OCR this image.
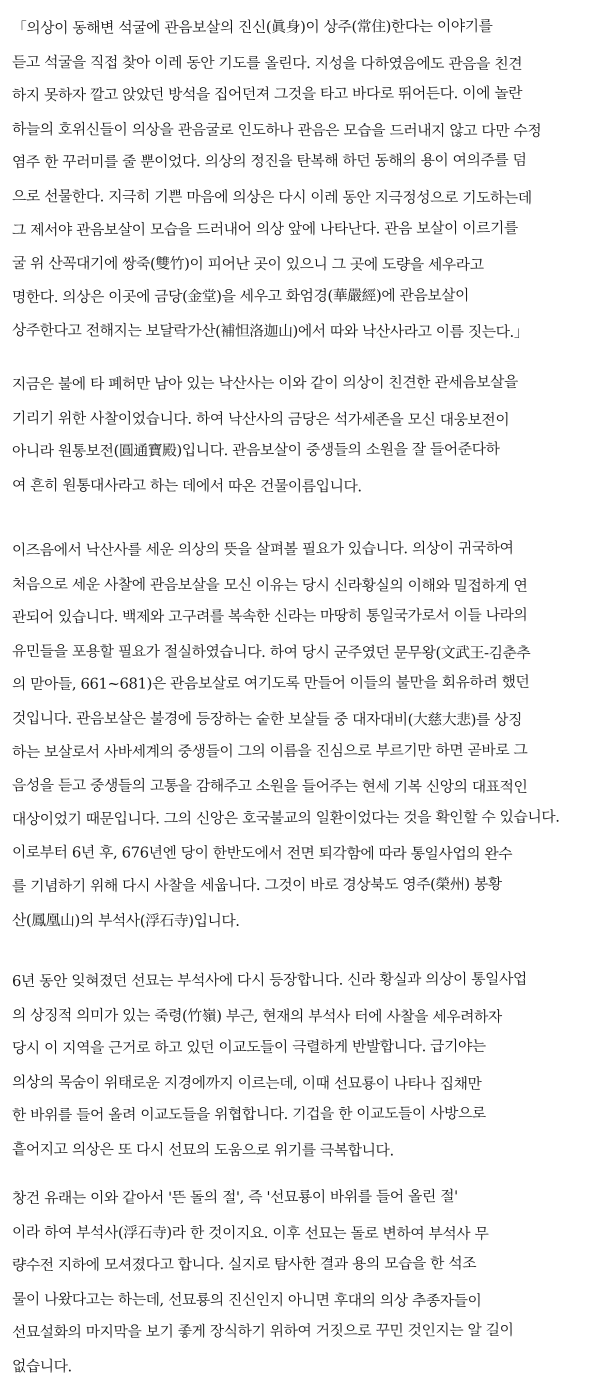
「의상이 동해변 석굴에 관음보살의 진신(眞身)이 상주(常住)한다는 이야기를
듣고 석굴을 직접 찾아 이레 동안 기도를 올린다. 지성을 다하였음에도 관음을 친견
하지 못하자 깔고 앉았던 방석을 집어던져 그것을 타고 바다로 뛰어든다. 이에 놀란
하늘의 호위신들이 의상을 관음굴로 인도하나 관음은 모습을 드러내지 않고 다만 수정
염주 한 꾸러미를 줄 뿐이었다. 의상의 정진을 탄복해 하던 동해의 용이 여의주를 덤
으로 선물한다. 지극히 기쁜 마음에 의상은 다시 이레 동안 지극정성으로 기도하는데
그 제서야 관음보살이 모습을 드러내어 의상 앞에 나타난다. 관음 보살이 이르기를
굴 위 산꼭대기에 쌍죽(雙竹)이 피어난 곳이 있으니 그 곳에 도량을 세우라고
명한다. 의상은 이곳에 금당(金堂)을 세우고 화엄경(華嚴經)에 관음보살이
상주한다고 전해지는 보달락가산(補怛洛迦山)에서 따와 낙산사라고 이름 짓는다.」
지금은 불에 타 폐허만 남아 있는 낙산사는 이와 같이 의상이 친견한 관세음보살을
기리기 위한 사찰이었습니다. 하여 낙산사의 금당은 석가세존을 모신 대웅보전이
아니라 원통보전(圓通寶殿)입니다. 관음보살이 중생들의 소원을 잘 들어준다하
여 흔히 원통대사라고 하는 데에서 따온 건물이름입니다.
이즈음에서 낙산사를 세운 의상의 뜻을 살펴볼 필요가 있습니다. 의상이 귀국하여
처음으로 세운 사찰에 관음보살을 모신 이유는 당시 신라황실의 이해와 밀접하게 연
관되어 있습니다. 백제와 고구려를 복속한 신라는 마땅히 통일국가로서 이들 나라의
유민들을 포용할 필요가 절실하였습니다. 하여 당시 군주였던 문무왕(文武王-김춘추
의 맏아들, 661~681)은 관음보살로 여기도록 만들어 이들의 불만을 회유하려 했던
것입니다. 관음보살은 불경에 등장하는 숱한 보살들 중 대자대비(大慈大悲)를 상징
하는 보살로서 사바세계의 중생들이 그의 이름을 진심으로 부르기만 하면 곧바로 그
음성을 듣고 중생들의 고통을 감해주고 소원을 들어주는 현세 기복 신앙의 대표적인
대상이었기 때문입니다. 그의 신앙은 호국불교의 일환이었다는 것을 확인할 수 있습니다.
이로부터 6년 후, 676년엔 당이 한반도에서 전면 퇴각함에 따라 통일사업의 완수
를 기념하기 위해 다시 사찰을 세웁니다. 그것이 바로 경상북도 영주(榮州) 봉황
산(鳳凰山)의 부석사(浮石寺)입니다.
6년 동안 잊혀졌던 선묘는 부석사에 다시 등장합니다. 신라 황실과 의상이 통일사업
의 상징적 의미가 있는 죽령(竹嶺) 부근, 현재의 부석사 터에 사찰을 세우려하자
당시 이 지역을 근거로 하고 있던 이교도들이 극렬하게 반발합니다. 급기야는
의상의 목숨이 위태로운 지경에까지 이르는데, 이때 선묘룡이 나타나 집채만
한 바위를 들어 올려 이교도들을 위협합니다. 기겁을 한 이교도들이 사방으로
흩어지고 의상은 또 다시 선묘의 도움으로 위기를 극복합니다.
창건 유래는 이와 같아서 '뜬 돌의 절', 즉 '선묘룡이 바위를 들어 올린 절'
이라 하여 부석사(浮石寺)라 한 것이지요. 이후 선묘는 돌로 변하여 부석사 무
량수전 지하에 모셔졌다고 합니다. 실지로 탐사한 결과 용의 모습을 한 석조
물이 나왔다고는 하는데, 선묘룡의 진신인지 아니면 후대의 의상 추종자들이
선묘설화의 마지막을 보기 좋게 장식하기 위하여 거짓으로 꾸민 것인지는 알 길이
없습니다.
